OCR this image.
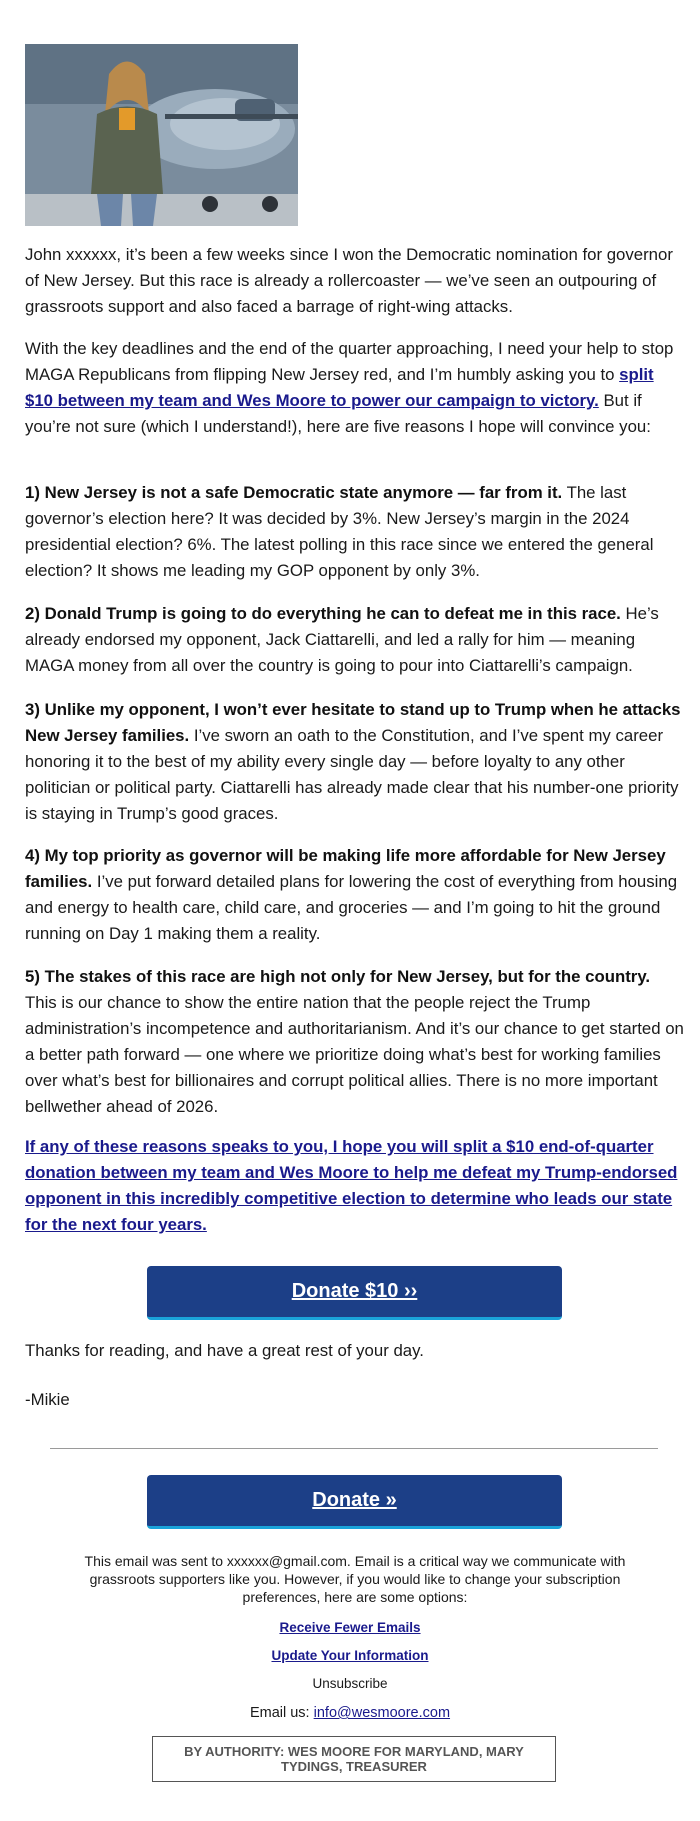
John xxxxxx, it’s been a few weeks since I won the Democratic nomination for governor of New Jersey. But this race is already a rollercoaster — we’ve seen an outpouring of grassroots support and also faced a barrage of right-wing attacks.

With the key deadlines and the end of the quarter approaching, I need your help to stop MAGA Republicans from flipping New Jersey red, and I’m humbly asking you to split $10 between my team and Wes Moore to power our campaign to victory. But if you’re not sure (which I understand!), here are five reasons I hope will convince you:

1) New Jersey is not a safe Democratic state anymore — far from it. The last governor’s election here? It was decided by 3%. New Jersey’s margin in the 2024 presidential election? 6%. The latest polling in this race since we entered the general election? It shows me leading my GOP opponent by only 3%.

2) Donald Trump is going to do everything he can to defeat me in this race. He’s already endorsed my opponent, Jack Ciattarelli, and led a rally for him — meaning MAGA money from all over the country is going to pour into Ciattarelli’s campaign.

3) Unlike my opponent, I won’t ever hesitate to stand up to Trump when he attacks New Jersey families. I’ve sworn an oath to the Constitution, and I’ve spent my career honoring it to the best of my ability every single day — before loyalty to any other politician or political party. Ciattarelli has already made clear that his number-one priority is staying in Trump’s good graces.

4) My top priority as governor will be making life more affordable for New Jersey families. I’ve put forward detailed plans for lowering the cost of everything from housing and energy to health care, child care, and groceries — and I’m going to hit the ground running on Day 1 making them a reality.

5) The stakes of this race are high not only for New Jersey, but for the country. This is our chance to show the entire nation that the people reject the Trump administration’s incompetence and authoritarianism. And it’s our chance to get started on a better path forward — one where we prioritize doing what’s best for working families over what’s best for billionaires and corrupt political allies. There is no more important bellwether ahead of 2026.

If any of these reasons speaks to you, I hope you will split a $10 end-of-quarter donation between my team and Wes Moore to help me defeat my Trump-endorsed opponent in this incredibly competitive election to determine who leads our state for the next four years.

Donate $10 ››

Thanks for reading, and have a great rest of your day.

-Mikie

Donate »
This email was sent to xxxxxx@gmail.com. Email is a critical way we communicate with grassroots supporters like you. However, if you would like to change your subscription preferences, here are some options:
Receive Fewer Emails
Update Your Information
Unsubscribe
Email us: info@wesmoore.com
BY AUTHORITY: WES MOORE FOR MARYLAND, MARY TYDINGS, TREASURER
